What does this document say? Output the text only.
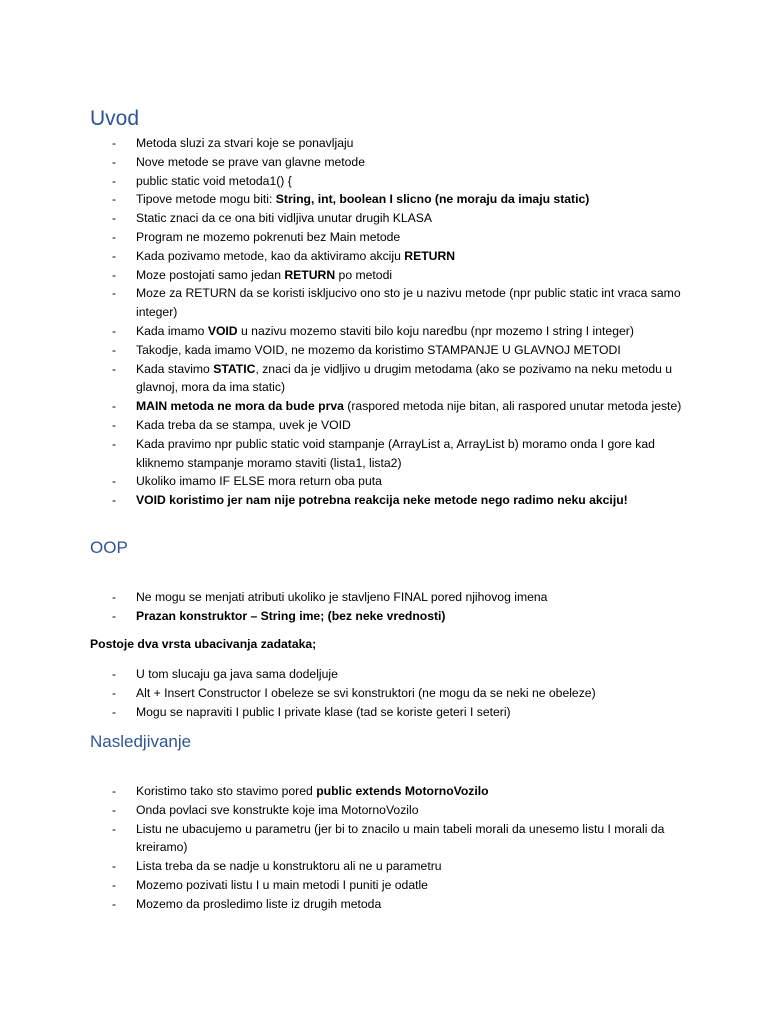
Uvod
- Metoda sluzi za stvari koje se ponavljaju
- Nove metode se prave van glavne metode
- public static void metoda1() {
- Tipove metode mogu biti: String, int, boolean I slicno (ne moraju da imaju static)
- Static znaci da ce ona biti vidljiva unutar drugih KLASA
- Program ne mozemo pokrenuti bez Main metode
- Kada pozivamo metode, kao da aktiviramo akciju RETURN
- Moze postojati samo jedan RETURN po metodi
- Moze za RETURN da se koristi iskljucivo ono sto je u nazivu metode (npr public static int vraca samo integer)
- Kada imamo VOID u nazivu mozemo staviti bilo koju naredbu (npr mozemo I string I integer)
- Takodje, kada imamo VOID, ne mozemo da koristimo STAMPANJE U GLAVNOJ METODI
- Kada stavimo STATIC, znaci da je vidljivo u drugim metodama (ako se pozivamo na neku metodu u glavnoj, mora da ima static)
- MAIN metoda ne mora da bude prva (raspored metoda nije bitan, ali raspored unutar metoda jeste)
- Kada treba da se stampa, uvek je VOID
- Kada pravimo npr public static void stampanje (ArrayList a, ArrayList b) moramo onda I gore kad kliknemo stampanje moramo staviti (lista1, lista2)
- Ukoliko imamo IF ELSE mora return oba puta
- VOID koristimo jer nam nije potrebna reakcija neke metode nego radimo neku akciju!
OOP
- Ne mogu se menjati atributi ukoliko je stavljeno FINAL pored njihovog imena
- Prazan konstruktor – String ime; (bez neke vrednosti)
Postoje dva vrsta ubacivanja zadataka;
- U tom slucaju ga java sama dodeljuje
- Alt + Insert Constructor I obeleze se svi konstruktori (ne mogu da se neki ne obeleze)
- Mogu se napraviti I public I private klase (tad se koriste geteri I seteri)
Nasledjivanje
- Koristimo tako sto stavimo pored public extends MotornoVozilo
- Onda povlaci sve konstrukte koje ima MotornoVozilo
- Listu ne ubacujemo u parametru (jer bi to znacilo u main tabeli morali da unesemo listu I morali da kreiramo)
- Lista treba da se nadje u konstruktoru ali ne u parametru
- Mozemo pozivati listu I u main metodi I puniti je odatle
- Mozemo da prosledimo liste iz drugih metoda
